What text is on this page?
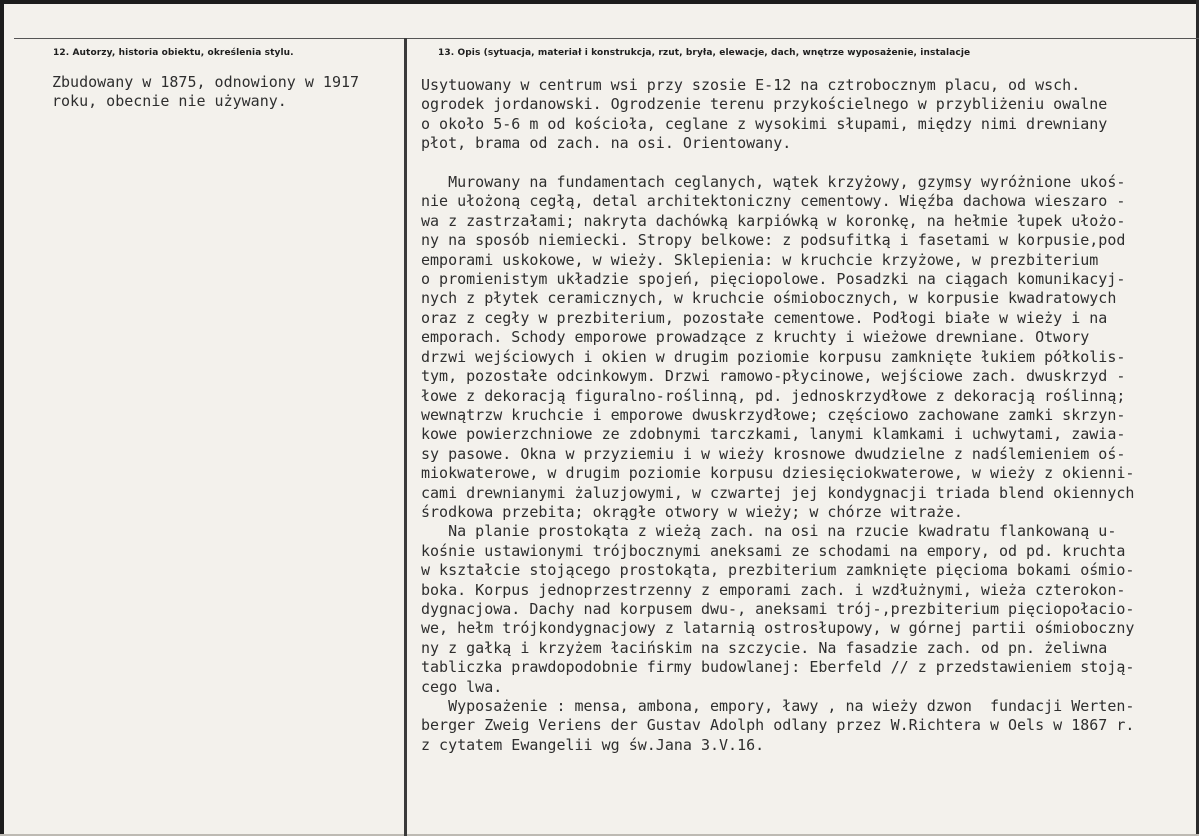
12. Autorzy, historia obiektu, określenia stylu.	13. Opis (sytuacja, materiał i konstrukcja, rzut, bryła, elewacje, dach, wnętrze wyposażenie, instalacje
Zbudowany w 1875, odnowiony w 1917
roku, obecnie nie używany.
Usytuowany w centrum wsi przy szosie E-12 na cztrobocznym placu, od wsch.
ogrodek jordanowski. Ogrodzenie terenu przykościelnego w przybliżeniu owalne
o około 5-6 m od kościoła, ceglane z wysokimi słupami, między nimi drewniany
płot, brama od zach. na osi. Orientowany.

Murowany na fundamentach ceglanych, wątek krzyżowy, gzymsy wyróżnione ukoś-
nie ułożoną cegłą, detal architektoniczny cementowy. Więźba dachowa wieszaro -
wa z zastrzałami; nakryta dachówką karpiówką w koronkę, na hełmie łupek ułożo-
ny na sposób niemiecki. Stropy belkowe: z podsufitką i fasetami w korpusie,pod
emporami uskokowe, w wieży. Sklepienia: w kruchcie krzyżowe, w prezbiterium
o promienistym układzie spojeń, pięciopolowe. Posadzki na ciągach komunikacyj-
nych z płytek ceramicznych, w kruchcie ośmiobocznych, w korpusie kwadratowych
oraz z cegły w prezbiterium, pozostałe cementowe. Podłogi białe w wieży i na
emporach. Schody emporowe prowadzące z kruchty i wieżowe drewniane. Otwory
drzwi wejściowych i okien w drugim poziomie korpusu zamknięte łukiem półkolis-
tym, pozostałe odcinkowym. Drzwi ramowo-płycinowe, wejściowe zach. dwuskrzyd -
łowe z dekoracją figuralno-roślinną, pd. jednoskrzydłowe z dekoracją roślinną;
wewnątrzw kruchcie i emporowe dwuskrzydłowe; częściowo zachowane zamki skrzyn-
kowe powierzchniowe ze zdobnymi tarczkami, lanymi klamkami i uchwytami, zawia-
sy pasowe. Okna w przyziemiu i w wieży krosnowe dwudzielne z nadślemieniem oś-
miokwaterowe, w drugim poziomie korpusu dziesięciokwaterowe, w wieży z okienni-
cami drewnianymi żaluzjowymi, w czwartej jej kondygnacji triada blend okiennych
środkowa przebita; okrągłe otwory w wieży; w chórze witraże.
Na planie prostokąta z wieżą zach. na osi na rzucie kwadratu flankowaną u-
kośnie ustawionymi trójbocznymi aneksami ze schodami na empory, od pd. kruchta
w kształcie stojącego prostokąta, prezbiterium zamknięte pięcioma bokami ośmio-
boka. Korpus jednoprzestrzenny z emporami zach. i wzdłużnymi, wieża czterokon-
dygnacjowa. Dachy nad korpusem dwu-, aneksami trój-,prezbiterium pięciopołacio-
we, hełm trójkondygnacjowy z latarnią ostrosłupowy, w górnej partii ośmioboczny
ny z gałką i krzyżem łacińskim na szczycie. Na fasadzie zach. od pn. żeliwna
tabliczka prawdopodobnie firmy budowlanej: Eberfeld // z przedstawieniem stoją-
cego lwa.
Wyposażenie : mensa, ambona, empory, ławy , na wieży dzwon  fundacji Werten-
berger Zweig Veriens der Gustav Adolph odlany przez W.Richtera w Oels w 1867 r.
z cytatem Ewangelii wg św.Jana 3.V.16.
